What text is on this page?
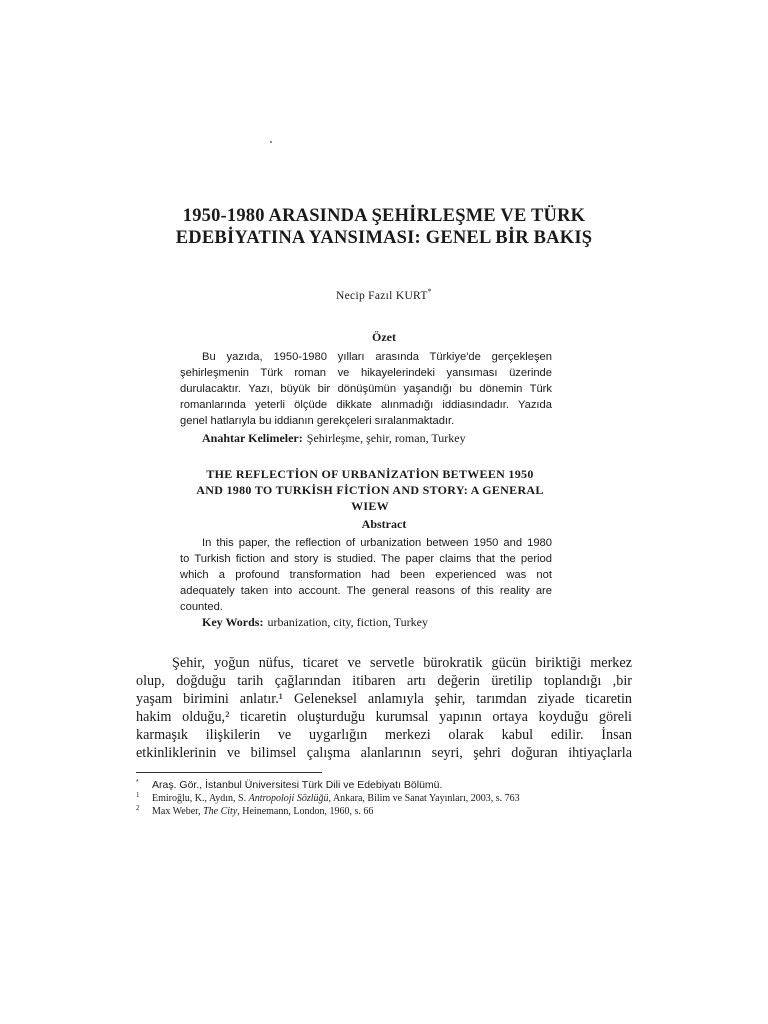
1950-1980 ARASINDA ŞEHİRLEŞME VE TÜRK
EDEBİYATINA YANSIMASI: GENEL BİR BAKIŞ
Necip Fazıl KURT*
Özet
Bu yazıda, 1950-1980 yılları arasında Türkiye'de gerçekleşen
şehirleşmenin Türk roman ve hikayelerindeki yansıması üzerinde
durulacaktır. Yazı, büyük bir dönüşümün yaşandığı bu dönemin Türk
romanlarında yeterli ölçüde dikkate alınmadığı iddiasındadır. Yazıda
genel hatlarıyla bu iddianın gerekçeleri sıralanmaktadır.
Anahtar Kelimeler: Şehirleşme, şehir, roman, Turkey
THE REFLECTİON OF URBANİZATİON BETWEEN 1950
AND 1980 TO TURKİSH FİCTİON AND STORY: A GENERAL
WIEW
Abstract
In this paper, the reflection of urbanization between 1950 and 1980
to Turkish fiction and story is studied. The paper claims that the period
which a profound transformation had been experienced was not
adequately taken into account. The general reasons of this reality are
counted.
Key Words: urbanization, city, fiction, Turkey
Şehir, yoğun nüfus, ticaret ve servetle bürokratik gücün biriktiği merkez
olup, doğduğu tarih çağlarından itibaren artı değerin üretilip toplandığı ,bir
yaşam birimini anlatır.¹ Geleneksel anlamıyla şehir, tarımdan ziyade ticaretin
hakim olduğu,² ticaretin oluşturduğu kurumsal yapının ortaya koyduğu göreli
karmaşık ilişkilerin ve uygarlığın merkezi olarak kabul edilir. İnsan
etkinliklerinin ve bilimsel çalışma alanlarının seyri, şehri doğuran ihtiyaçlarla
* Araş. Gör., İstanbul Üniversitesi Türk Dili ve Edebiyatı Bölümü.
1 Emiroğlu, K., Aydın, S. Antropoloji Sözlüğü, Ankara, Bilim ve Sanat Yayınları, 2003, s. 763
2 Max Weber, The City, Heinemann, London, 1960, s. 66
